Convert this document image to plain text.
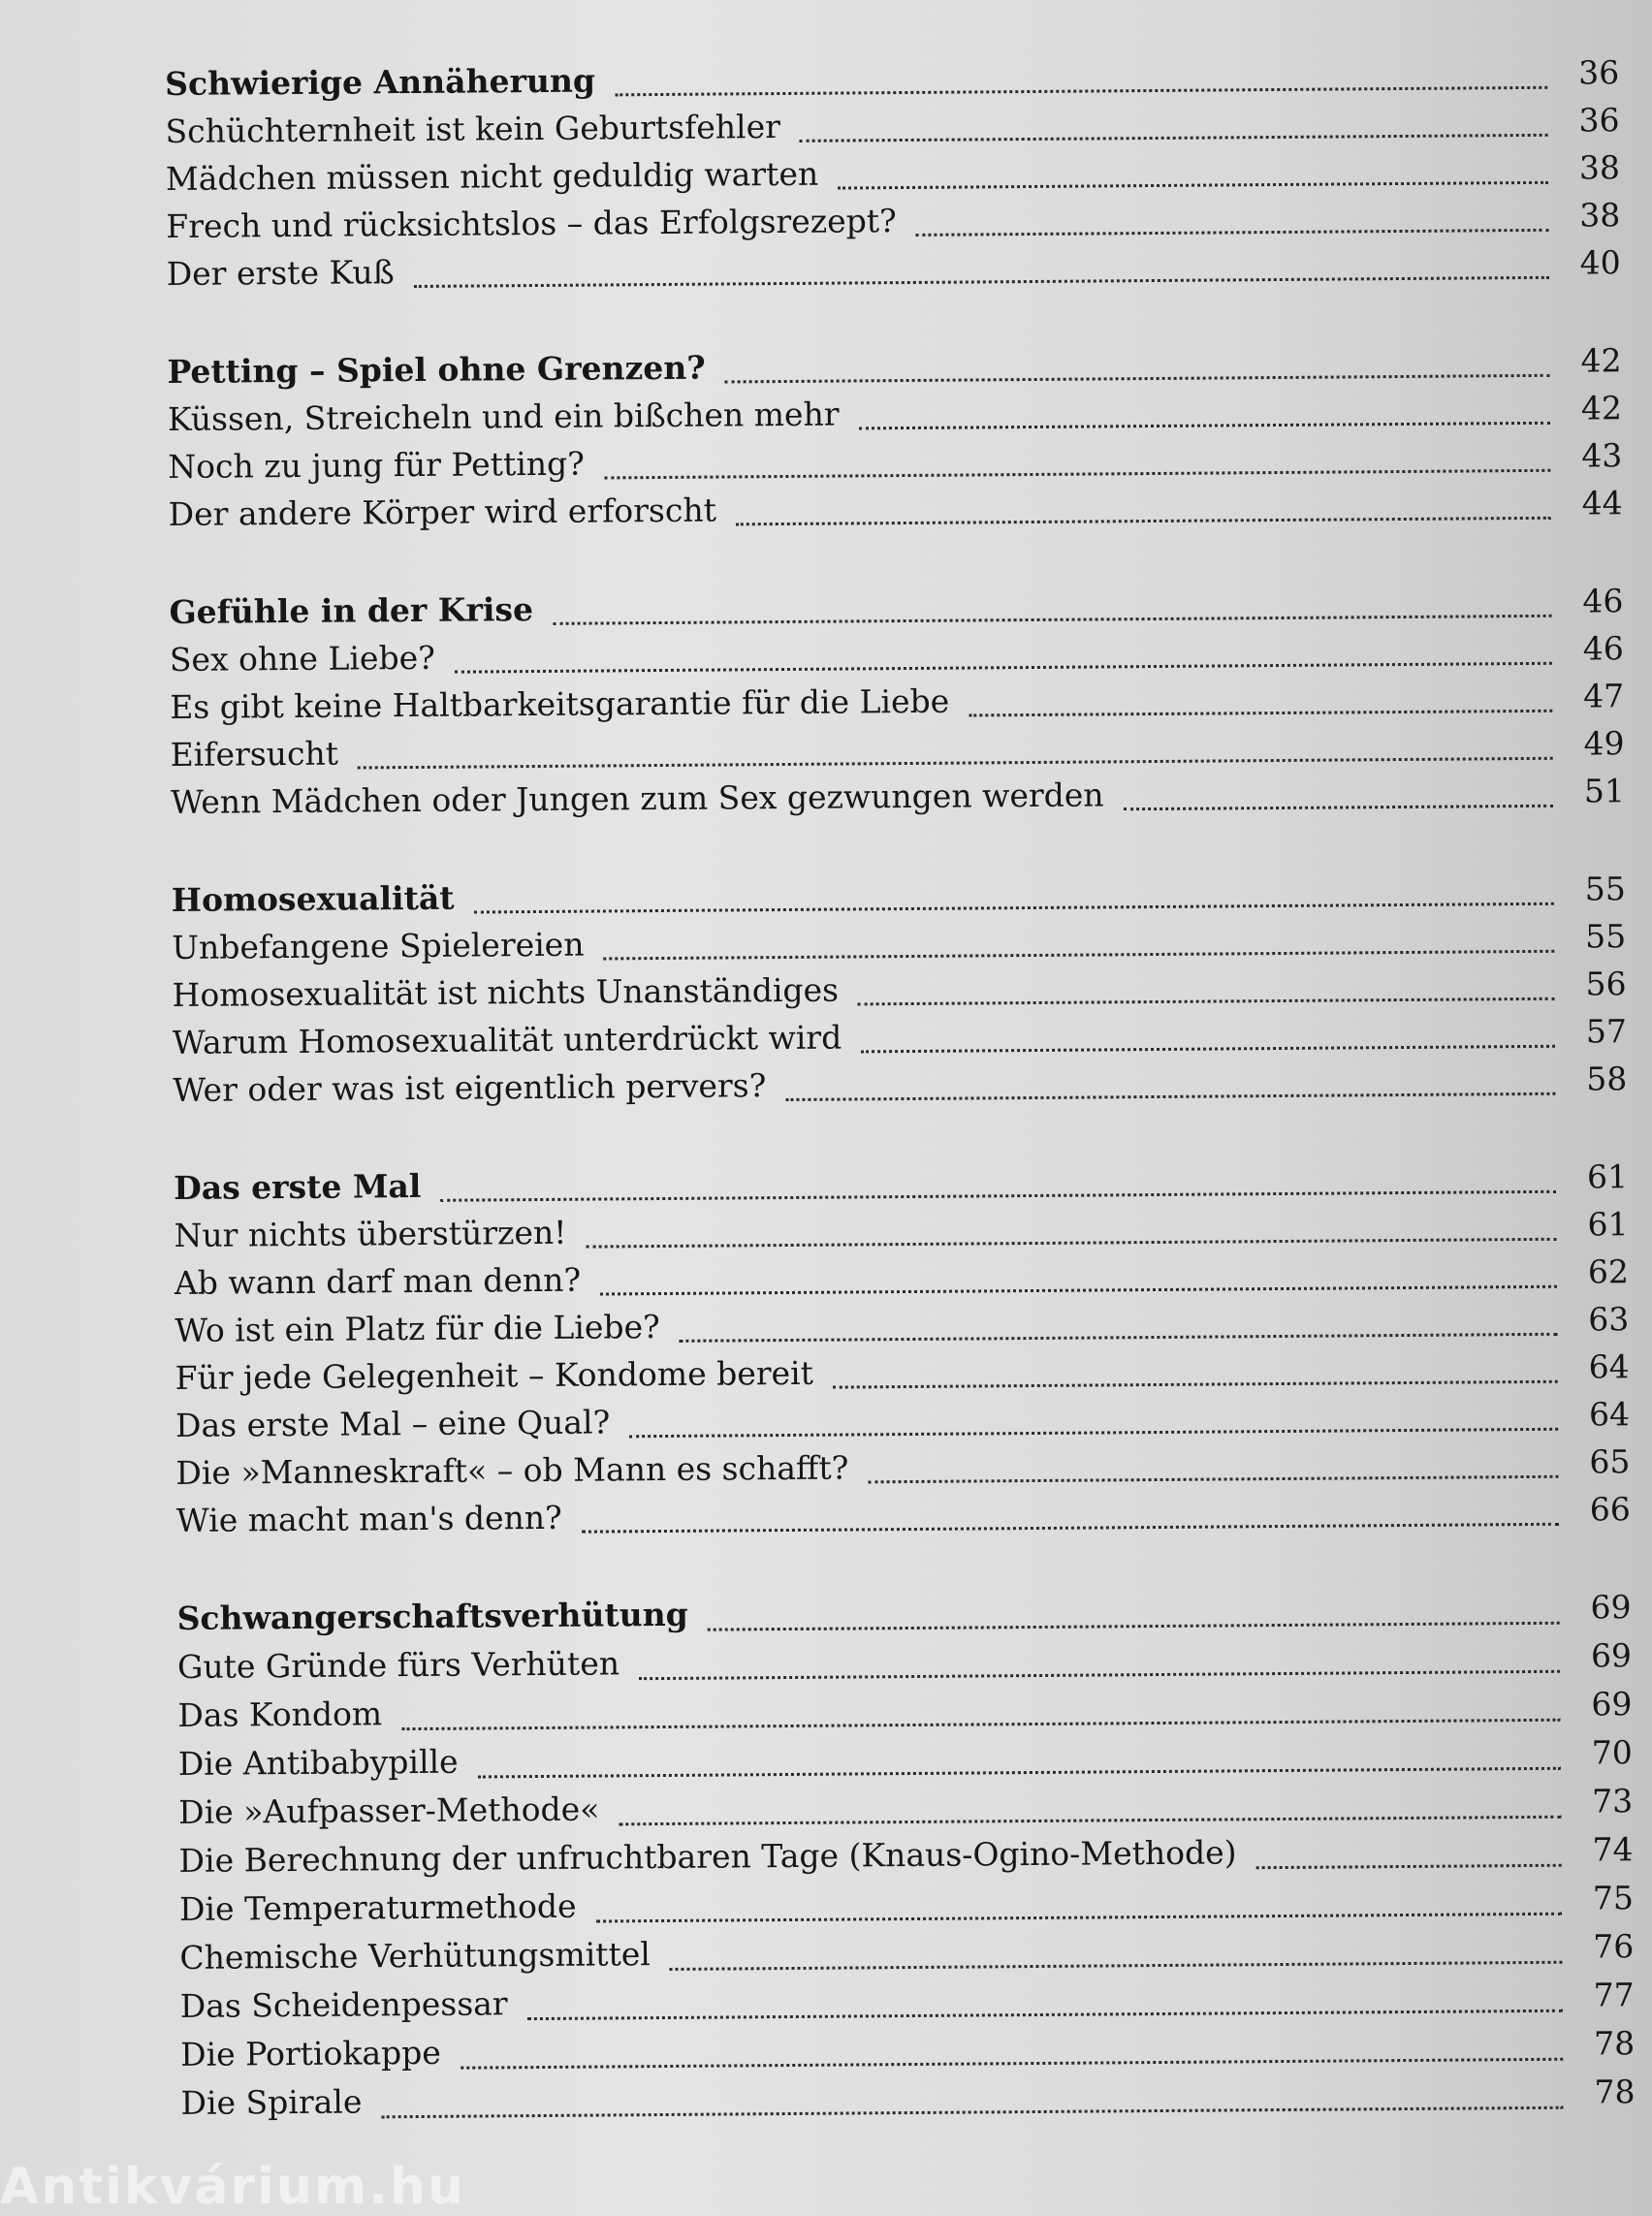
Schwierige Annäherung	36
Schüchternheit ist kein Geburtsfehler	36
Mädchen müssen nicht geduldig warten	38
Frech und rücksichtslos – das Erfolgsrezept?	38
Der erste Kuß	40
Petting – Spiel ohne Grenzen?	42
Küssen, Streicheln und ein bißchen mehr	42
Noch zu jung für Petting?	43
Der andere Körper wird erforscht	44
Gefühle in der Krise	46
Sex ohne Liebe?	46
Es gibt keine Haltbarkeitsgarantie für die Liebe	47
Eifersucht	49
Wenn Mädchen oder Jungen zum Sex gezwungen werden	51
Homosexualität	55
Unbefangene Spielereien	55
Homosexualität ist nichts Unanständiges	56
Warum Homosexualität unterdrückt wird	57
Wer oder was ist eigentlich pervers?	58
Das erste Mal	61
Nur nichts überstürzen!	61
Ab wann darf man denn?	62
Wo ist ein Platz für die Liebe?	63
Für jede Gelegenheit – Kondome bereit	64
Das erste Mal – eine Qual?	64
Die »Manneskraft« – ob Mann es schafft?	65
Wie macht man's denn?	66
Schwangerschaftsverhütung	69
Gute Gründe fürs Verhüten	69
Das Kondom	69
Die Antibabypille	70
Die »Aufpasser-Methode«	73
Die Berechnung der unfruchtbaren Tage (Knaus-Ogino-Methode)	74
Die Temperaturmethode	75
Chemische Verhütungsmittel	76
Das Scheidenpessar	77
Die Portiokappe	78
Die Spirale	78
Antikvárium.hu
